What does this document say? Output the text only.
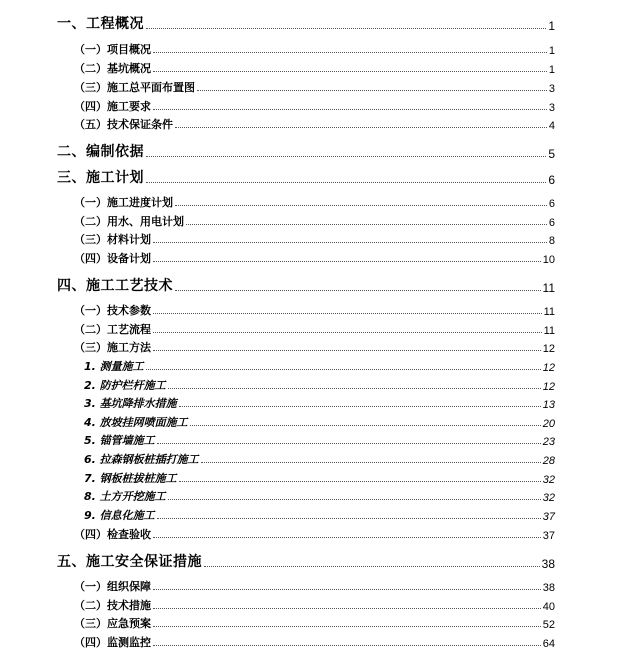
一、工程概况	1
（一）项目概况	1
（二）基坑概况	1
（三）施工总平面布置图	3
（四）施工要求	3
（五）技术保证条件	4
二、编制依据	5
三、施工计划	6
（一）施工进度计划	6
（二）用水、用电计划	6
（三）材料计划	8
（四）设备计划	10
四、施工工艺技术	11
（一）技术参数	11
（二）工艺流程	11
（三）施工方法	12
1. 测量施工	12
2. 防护栏杆施工	12
3. 基坑降排水措施	13
4. 放坡挂网喷面施工	20
5. 锚管墙施工	23
6. 拉森钢板桩插打施工	28
7. 钢板桩拔桩施工	32
8. 土方开挖施工	32
9. 信息化施工	37
（四）检查验收	37
五、施工安全保证措施	38
（一）组织保障	38
（二）技术措施	40
（三）应急预案	52
（四）监测监控	64
